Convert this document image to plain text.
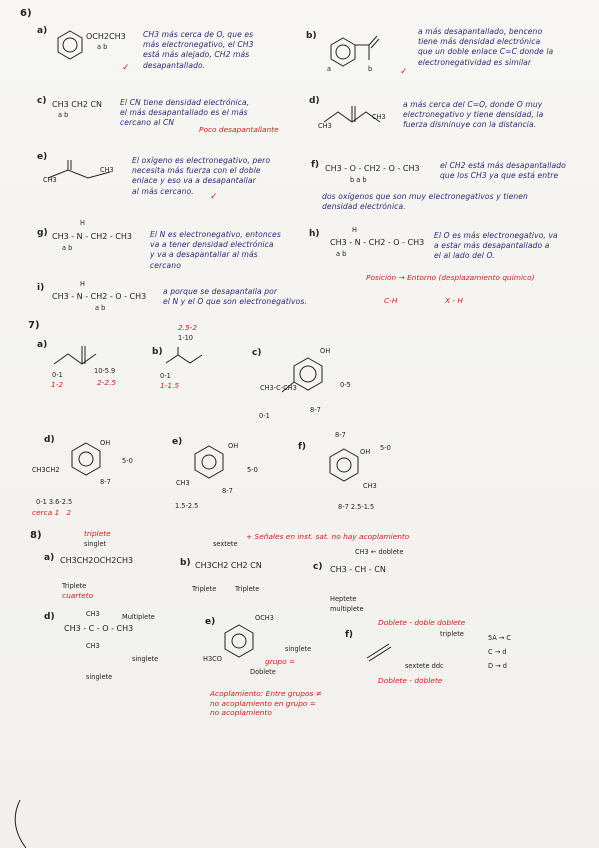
6)
a)
OCH2CH3
a b
CH3 más cerca de O, que es
más electronegativo, el CH3
está más alejado, CH2 más
desapantallado.
✓
b)
a	b
a más desapantallado, benceno
tiene más densidad electrónica
que un doble enlace C=C donde la
electronegatividad es similar
✓
c) CH3 CH2 CN
a b
El CN tiene densidad electrónica,
el más desapantallado es el más
cercano al CN
Poco desapantallante
d)
CH3
CH3
a más cerca del C=O, donde O muy
electronegativo y tiene densidad, la
fuerza disminuye con la distancia.
e)
CH3
CH3
El oxígeno es electronegativo, pero
necesita más fuerza con el doble
enlace y eso va a desapantallar
al más cercano.
✓
f) CH3 - O - CH2 - O - CH3
b a b
el CH2 está más desapantallado
que los CH3 ya que está entre
dos oxígenos que son muy electronegativos y tienen
densidad electrónica.
g)
H
CH3 - N - CH2 - CH3
a b
El N es electronegativo, entonces
va a tener densidad electrónica
y va a desapantallar al más
cercano
h)	H
CH3 - N - CH2 - O - CH3
a b
El O es más electronegativo, va
a estar más desapantallado a
el al lado del O.
i)	H
CH3 - N - CH2 - O - CH3
a b
a porque se desapantalla por
el N y el O que son electronegativos.
Posición → Entorno (desplazamiento químico)
C-H	X - H
7)
a)
0-1	10-5.9
1-2	2-2.5
b)
2.5-2
1-10
0-1
1-1.5
c)	OH
0-5
8-7
0-1
CH3-C-CH3
d)	OH
5-0
8-7
CH3CH2
0-1 3.6-2.5
cerca 1   2
e)	OH
5-0
8-7
CH3
1.5-2.5
f)
8-7
OH 5-0
CH3
8-7 2.5-1.5
8)	triplete
singlet
a) CH3CH2OCH2CH3
Triplete
cuarteto
sextete
+ Señales en inst. sat. no hay acoplamiento
b) CH3CH2 CH2 CN
Triplete	Triplete
CH3 ← doblete
c) CH3 - CH - CN
Heptete
multiplete
d)	CH3	Multiplete
CH3 - C - O - CH3
CH3
singlete
singlete
e)	OCH3
H3CO
singlete
grupo =
Doblete
f)
Doblete - doble doblete
triplete
sextete ddc
Doblete - doblete
5A → C
C → d
D → d
Acoplamiento: Entre grupos ≠
no acoplamiento en grupo =
no acoplamiento
